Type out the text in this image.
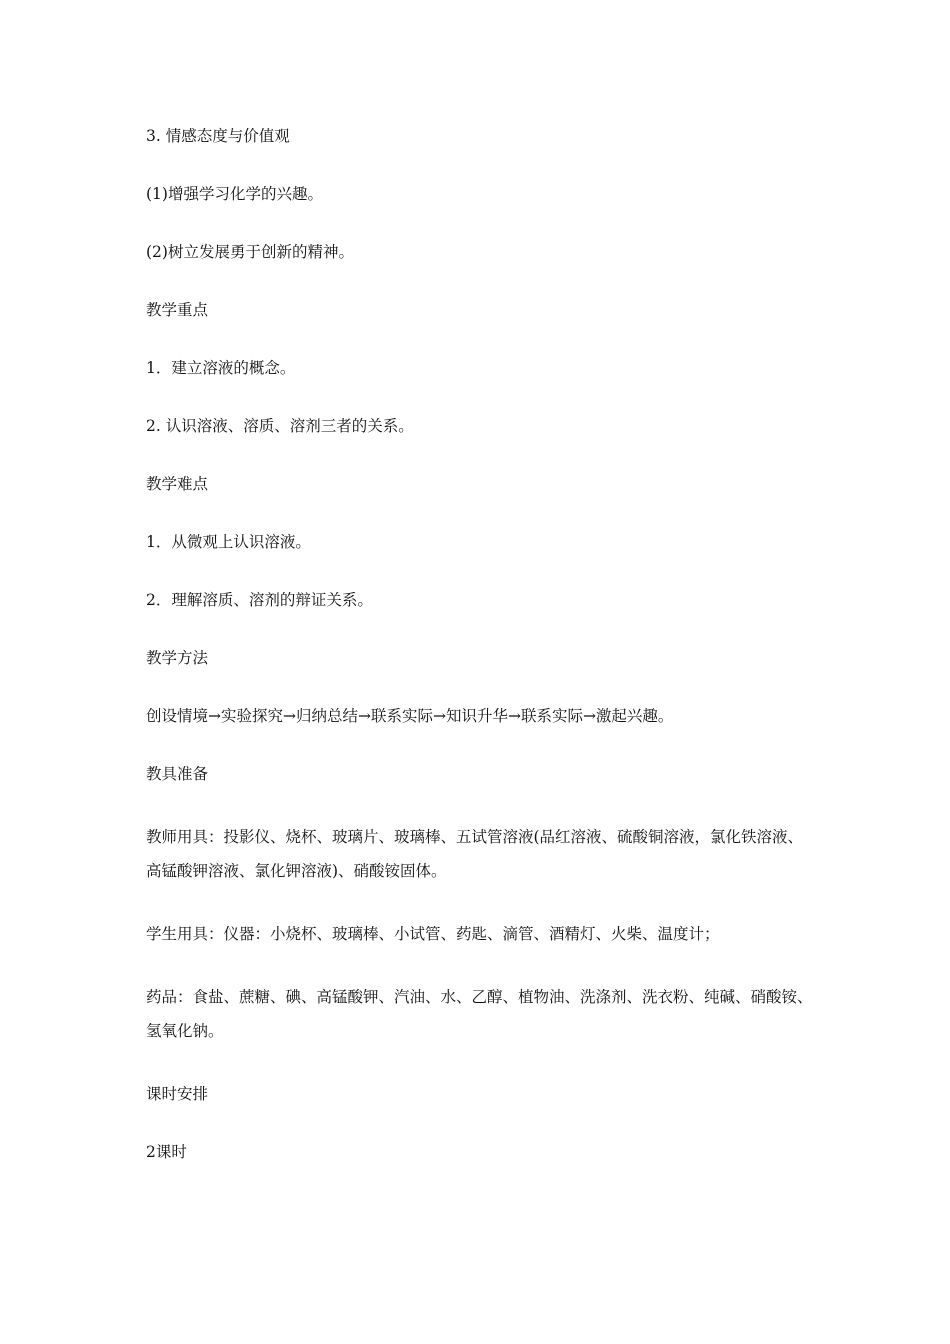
3. 情感态度与价值观

(1)增强学习化学的兴趣。

(2)树立发展勇于创新的精神。

教学重点

1．建立溶液的概念。

2. 认识溶液、溶质、溶剂三者的关系。

教学难点

1．从微观上认识溶液。

2．理解溶质、溶剂的辩证关系。

教学方法

创设情境→实验探究→归纳总结→联系实际→知识升华→联系实际→激起兴趣。

教具准备

教师用具：投影仪、烧杯、玻璃片、玻璃棒、五试管溶液(品红溶液、硫酸铜溶液，氯化铁溶液、高锰酸钾溶液、氯化钾溶液)、硝酸铵固体。

学生用具：仪器：小烧杯、玻璃棒、小试管、药匙、滴管、酒精灯、火柴、温度计；

药品：食盐、蔗糖、碘、高锰酸钾、汽油、水、乙醇、植物油、洗涤剂、洗衣粉、纯碱、硝酸铵、氢氧化钠。

课时安排

2课时
